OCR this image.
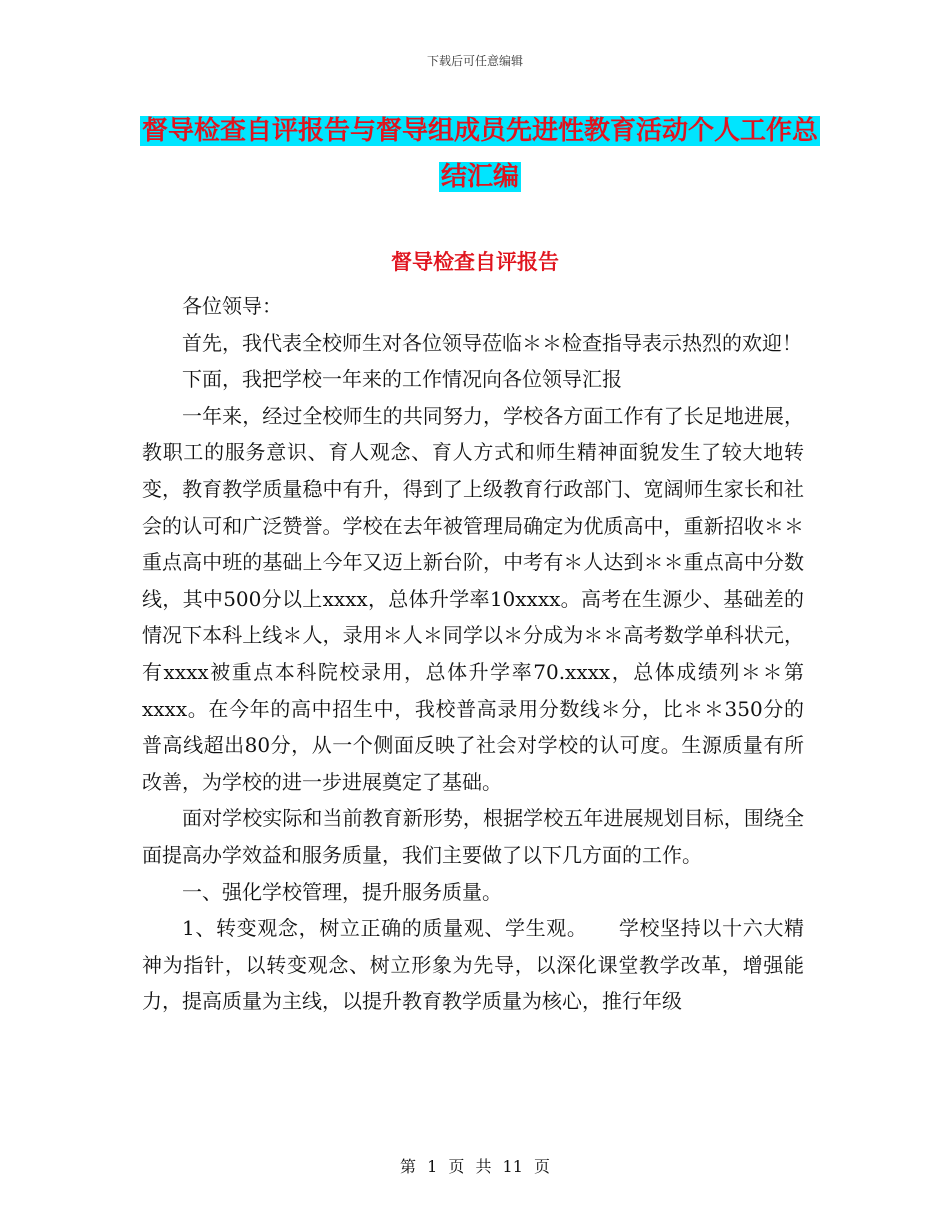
下载后可任意编辑
督导检查自评报告与督导组成员先进性教育活动个人工作总结汇编
督导检查自评报告

各位领导：

首先，我代表全校师生对各位领导莅临＊＊检查指导表示热烈的欢迎！

下面，我把学校一年来的工作情况向各位领导汇报

一年来，经过全校师生的共同努力，学校各方面工作有了长足地进展，教职工的服务意识、育人观念、育人方式和师生精神面貌发生了较大地转变，教育教学质量稳中有升，得到了上级教育行政部门、宽阔师生家长和社会的认可和广泛赞誉。学校在去年被管理局确定为优质高中，重新招收＊＊重点高中班的基础上今年又迈上新台阶，中考有＊人达到＊＊重点高中分数线，其中500分以上xxxx，总体升学率10xxxx。高考在生源少、基础差的情况下本科上线＊人，录用＊人＊同学以＊分成为＊＊高考数学单科状元，有xxxx被重点本科院校录用，总体升学率70.xxxx，总体成绩列＊＊第xxxx。在今年的高中招生中，我校普高录用分数线＊分，比＊＊350分的普高线超出80分，从一个侧面反映了社会对学校的认可度。生源质量有所改善，为学校的进一步进展奠定了基础。

面对学校实际和当前教育新形势，根据学校五年进展规划目标，围绕全面提高办学效益和服务质量，我们主要做了以下几方面的工作。

一、强化学校管理，提升服务质量。

1、转变观念，树立正确的质量观、学生观。　　学校坚持以十六大精神为指针，以转变观念、树立形象为先导，以深化课堂教学改革，增强能力，提高质量为主线，以提升教育教学质量为核心，推行年级

第 1 页 共 11 页
